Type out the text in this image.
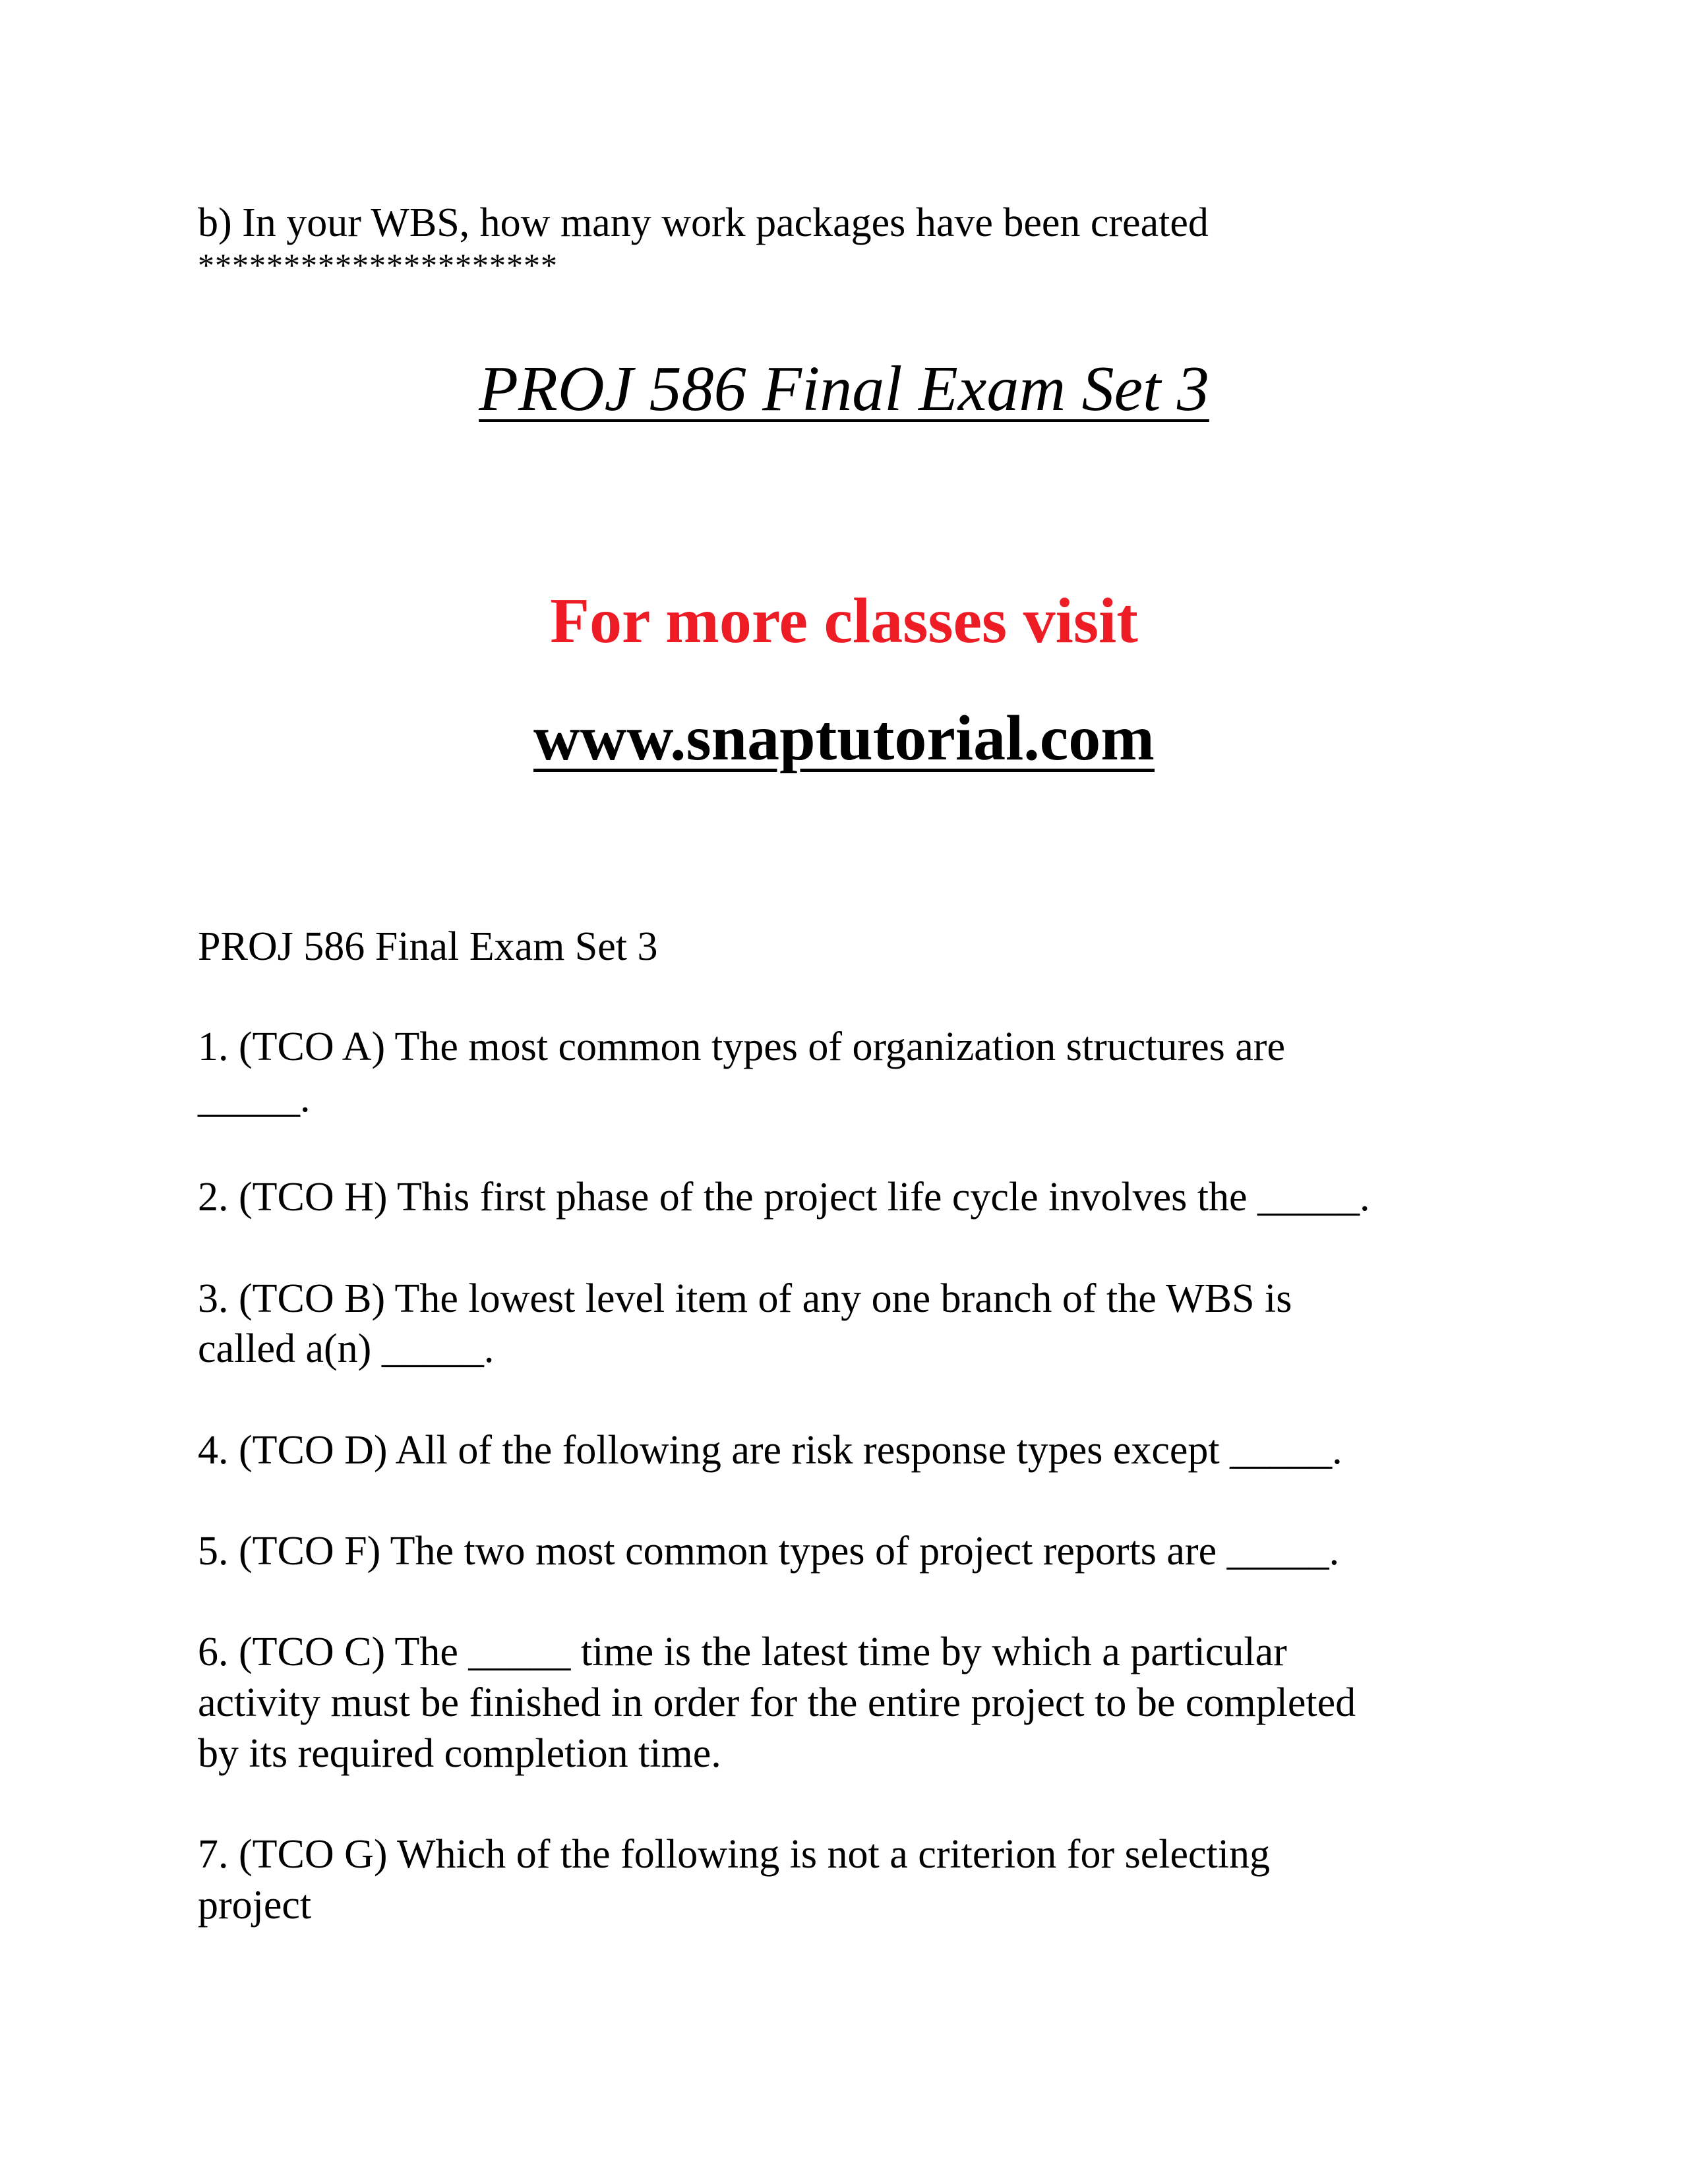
b) In your WBS, how many work packages have been created
*********************
PROJ 586 Final Exam Set 3
For more classes visit
www.snaptutorial.com
PROJ 586 Final Exam Set 3
1. (TCO A) The most common types of organization structures are
_____.
2. (TCO H) This first phase of the project life cycle involves the _____.
3. (TCO B) The lowest level item of any one branch of the WBS is
called a(n) _____.
4. (TCO D) All of the following are risk response types except _____.
5. (TCO F) The two most common types of project reports are _____.
6. (TCO C) The _____ time is the latest time by which a particular
activity must be finished in order for the entire project to be completed
by its required completion time.
7. (TCO G) Which of the following is not a criterion for selecting
project
